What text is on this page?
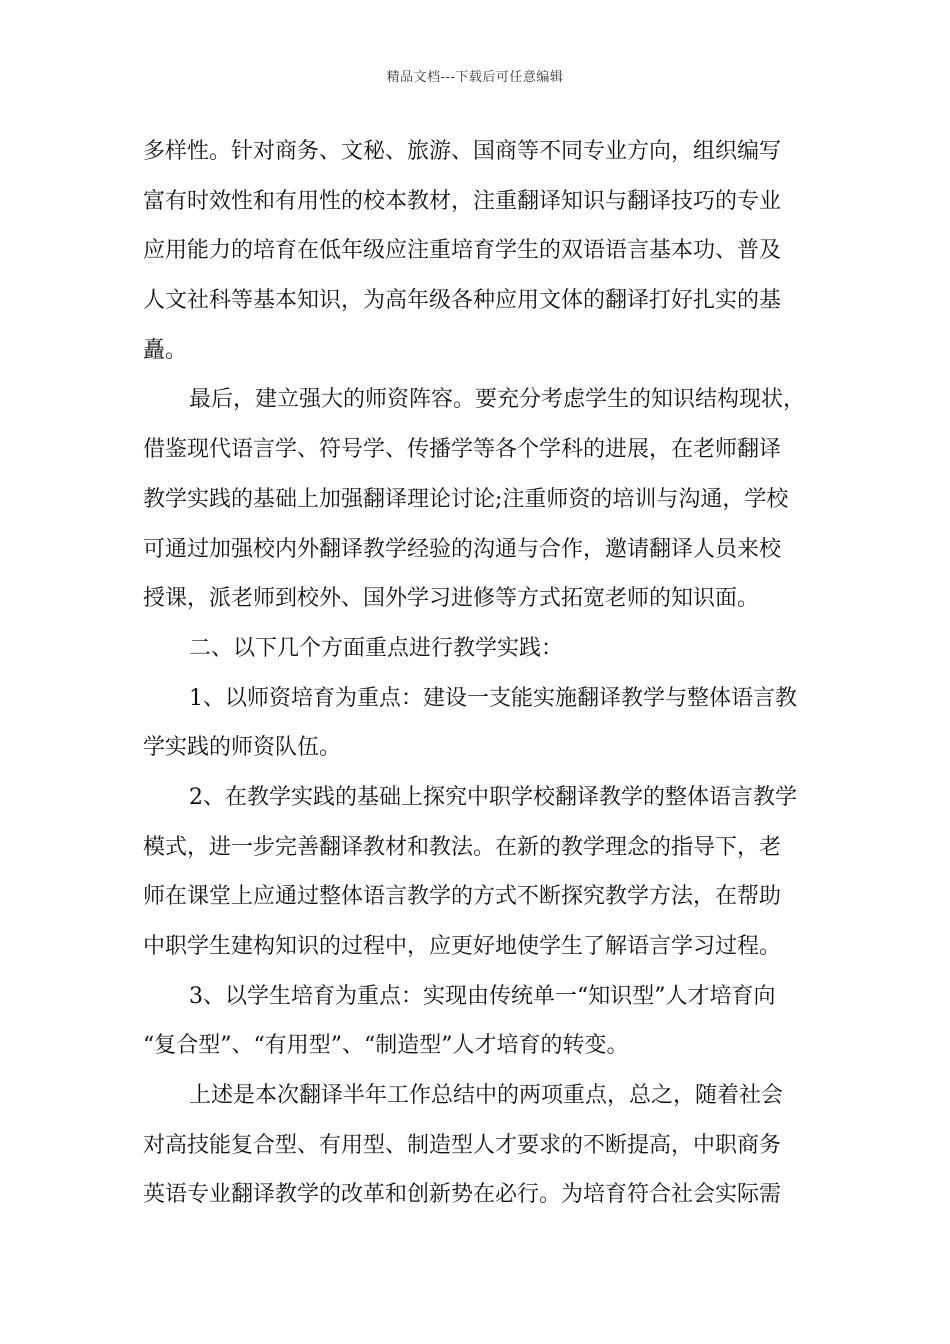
精品文档---下载后可任意编辑
多样性。针对商务、文秘、旅游、国商等不同专业方向，组织编写
富有时效性和有用性的校本教材，注重翻译知识与翻译技巧的专业
应用能力的培育在低年级应注重培育学生的双语语言基本功、普及
人文社科等基本知识，为高年级各种应用文体的翻译打好扎实的基
矗。
最后，建立强大的师资阵容。要充分考虑学生的知识结构现状，
借鉴现代语言学、符号学、传播学等各个学科的进展，在老师翻译
教学实践的基础上加强翻译理论讨论;注重师资的培训与沟通，学校
可通过加强校内外翻译教学经验的沟通与合作，邀请翻译人员来校
授课，派老师到校外、国外学习进修等方式拓宽老师的知识面。
二、以下几个方面重点进行教学实践：
1、以师资培育为重点：建设一支能实施翻译教学与整体语言教
学实践的师资队伍。
2、在教学实践的基础上探究中职学校翻译教学的整体语言教学
模式，进一步完善翻译教材和教法。在新的教学理念的指导下，老
师在课堂上应通过整体语言教学的方式不断探究教学方法，在帮助
中职学生建构知识的过程中，应更好地使学生了解语言学习过程。
3、以学生培育为重点：实现由传统单一“知识型”人才培育向
“复合型”、“有用型”、“制造型”人才培育的转变。
上述是本次翻译半年工作总结中的两项重点，总之，随着社会
对高技能复合型、有用型、制造型人才要求的不断提高，中职商务
英语专业翻译教学的改革和创新势在必行。为培育符合社会实际需
